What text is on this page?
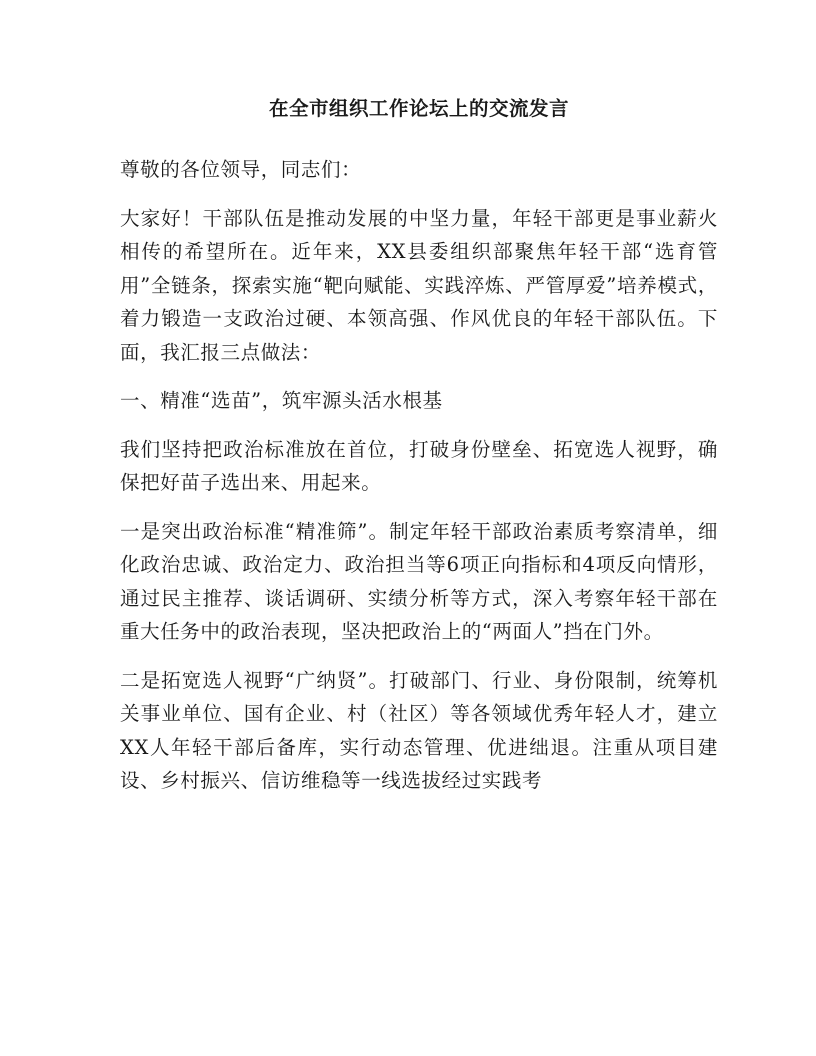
在全市组织工作论坛上的交流发言

尊敬的各位领导，同志们：

大家好！干部队伍是推动发展的中坚力量，年轻干部更是事业薪火相传的希望所在。近年来，XX县委组织部聚焦年轻干部“选育管用”全链条，探索实施“靶向赋能、实践淬炼、严管厚爱”培养模式，着力锻造一支政治过硬、本领高强、作风优良的年轻干部队伍。下面，我汇报三点做法：

一、精准“选苗”，筑牢源头活水根基

我们坚持把政治标准放在首位，打破身份壁垒、拓宽选人视野，确保把好苗子选出来、用起来。

一是突出政治标准“精准筛”。制定年轻干部政治素质考察清单，细化政治忠诚、政治定力、政治担当等6项正向指标和4项反向情形，通过民主推荐、谈话调研、实绩分析等方式，深入考察年轻干部在重大任务中的政治表现，坚决把政治上的“两面人”挡在门外。

二是拓宽选人视野“广纳贤”。打破部门、行业、身份限制，统筹机关事业单位、国有企业、村（社区）等各领域优秀年轻人才，建立XX人年轻干部后备库，实行动态管理、优进绌退。注重从项目建设、乡村振兴、信访维稳等一线选拔经过实践考
